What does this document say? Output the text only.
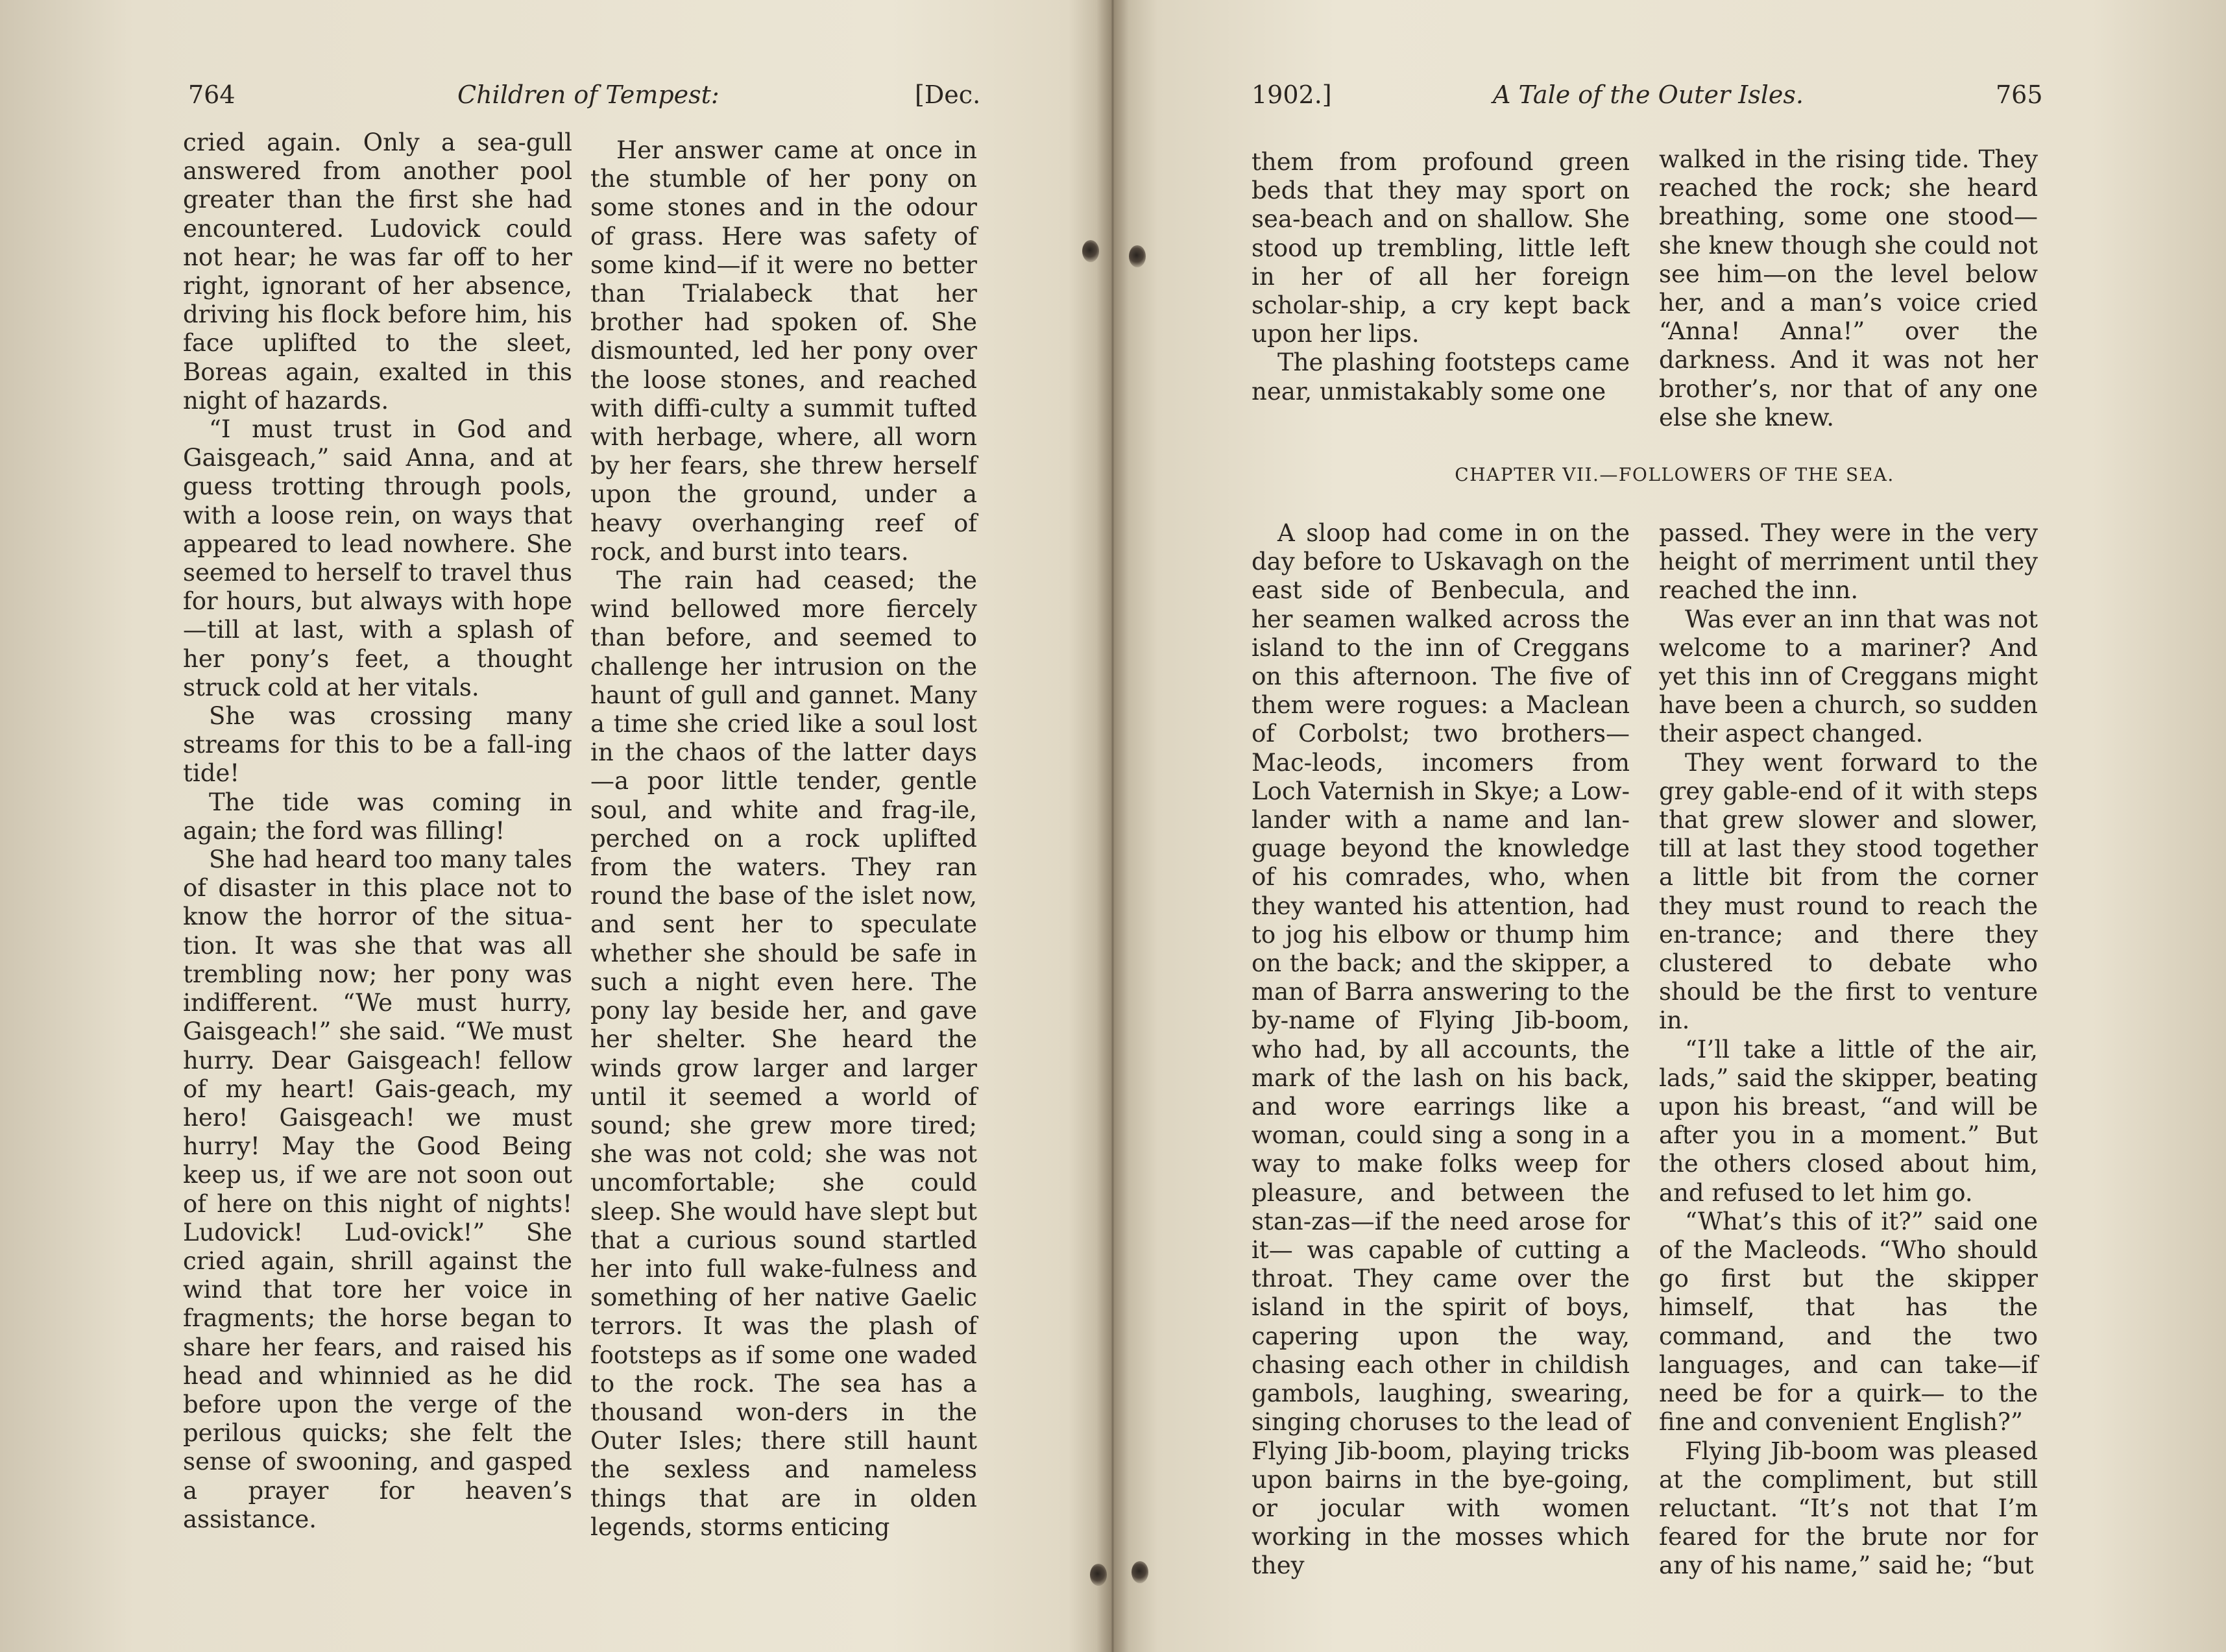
764	Children of Tempest:	[Dec.

cried again. Only a sea-gull answered from another pool greater than the first she had encountered. Ludovick could not hear; he was far off to her right, ignorant of her absence, driving his flock before him, his face uplifted to the sleet, Boreas again, exalted in this night of hazards.

“I must trust in God and Gaisgeach,” said Anna, and at guess trotting through pools, with a loose rein, on ways that appeared to lead nowhere. She seemed to herself to travel thus for hours, but always with hope —till at last, with a splash of her pony’s feet, a thought struck cold at her vitals.

She was crossing many streams for this to be a fall-ing tide!

The tide was coming in again; the ford was filling!

She had heard too many tales of disaster in this place not to know the horror of the situa-tion. It was she that was all trembling now; her pony was indifferent. “We must hurry, Gaisgeach!” she said. “We must hurry. Dear Gaisgeach! fellow of my heart! Gais-geach, my hero! Gaisgeach! we must hurry! May the Good Being keep us, if we are not soon out of here on this night of nights! Ludovick! Lud-ovick!” She cried again, shrill against the wind that tore her voice in fragments; the horse began to share her fears, and raised his head and whinnied as he did before upon the verge of the perilous quicks; she felt the sense of swooning, and gasped a prayer for heaven’s assistance.

Her answer came at once in the stumble of her pony on some stones and in the odour of grass. Here was safety of some kind—if it were no better than Trialabeck that her brother had spoken of. She dismounted, led her pony over the loose stones, and reached with diffi-culty a summit tufted with herbage, where, all worn by her fears, she threw herself upon the ground, under a heavy overhanging reef of rock, and burst into tears.

The rain had ceased; the wind bellowed more fiercely than before, and seemed to challenge her intrusion on the haunt of gull and gannet. Many a time she cried like a soul lost in the chaos of the latter days—a poor little tender, gentle soul, and white and frag-ile, perched on a rock uplifted from the waters. They ran round the base of the islet now, and sent her to speculate whether she should be safe in such a night even here. The pony lay beside her, and gave her shelter. She heard the winds grow larger and larger until it seemed a world of sound; she grew more tired; she was not cold; she was not uncomfortable; she could sleep. She would have slept but that a curious sound startled her into full wake-fulness and something of her native Gaelic terrors. It was the plash of footsteps as if some one waded to the rock. The sea has a thousand won-ders in the Outer Isles; there still haunt the sexless and nameless things that are in olden legends, storms enticing

1902.]	A Tale of the Outer Isles.	765

them from profound green beds that they may sport on sea-beach and on shallow. She stood up trembling, little left in her of all her foreign scholar-ship, a cry kept back upon her lips.

The plashing footsteps came near, unmistakably some one

walked in the rising tide. They reached the rock; she heard breathing, some one stood— she knew though she could not see him—on the level below her, and a man’s voice cried “Anna! Anna!” over the darkness. And it was not her brother’s, nor that of any one else she knew.

CHAPTER VII.—FOLLOWERS OF THE SEA.

A sloop had come in on the day before to Uskavagh on the east side of Benbecula, and her seamen walked across the island to the inn of Creggans on this afternoon. The five of them were rogues: a Maclean of Corbolst; two brothers—Mac-leods, incomers from Loch Vaternish in Skye; a Low-lander with a name and lan-guage beyond the knowledge of his comrades, who, when they wanted his attention, had to jog his elbow or thump him on the back; and the skipper, a man of Barra answering to the by-name of Flying Jib-boom, who had, by all accounts, the mark of the lash on his back, and wore earrings like a woman, could sing a song in a way to make folks weep for pleasure, and between the stan-zas—if the need arose for it— was capable of cutting a throat. They came over the island in the spirit of boys, capering upon the way, chasing each other in childish gambols, laughing, swearing, singing choruses to the lead of Flying Jib-boom, playing tricks upon bairns in the bye-going, or jocular with women working in the mosses which they

passed. They were in the very height of merriment until they reached the inn.

Was ever an inn that was not welcome to a mariner? And yet this inn of Creggans might have been a church, so sudden their aspect changed.

They went forward to the grey gable-end of it with steps that grew slower and slower, till at last they stood together a little bit from the corner they must round to reach the en-trance; and there they clustered to debate who should be the first to venture in.

“I’ll take a little of the air, lads,” said the skipper, beating upon his breast, “and will be after you in a moment.” But the others closed about him, and refused to let him go.

“What’s this of it?” said one of the Macleods. “Who should go first but the skipper himself, that has the command, and the two languages, and can take—if need be for a quirk— to the fine and convenient English?”

Flying Jib-boom was pleased at the compliment, but still reluctant. “It’s not that I’m feared for the brute nor for any of his name,” said he; “but
